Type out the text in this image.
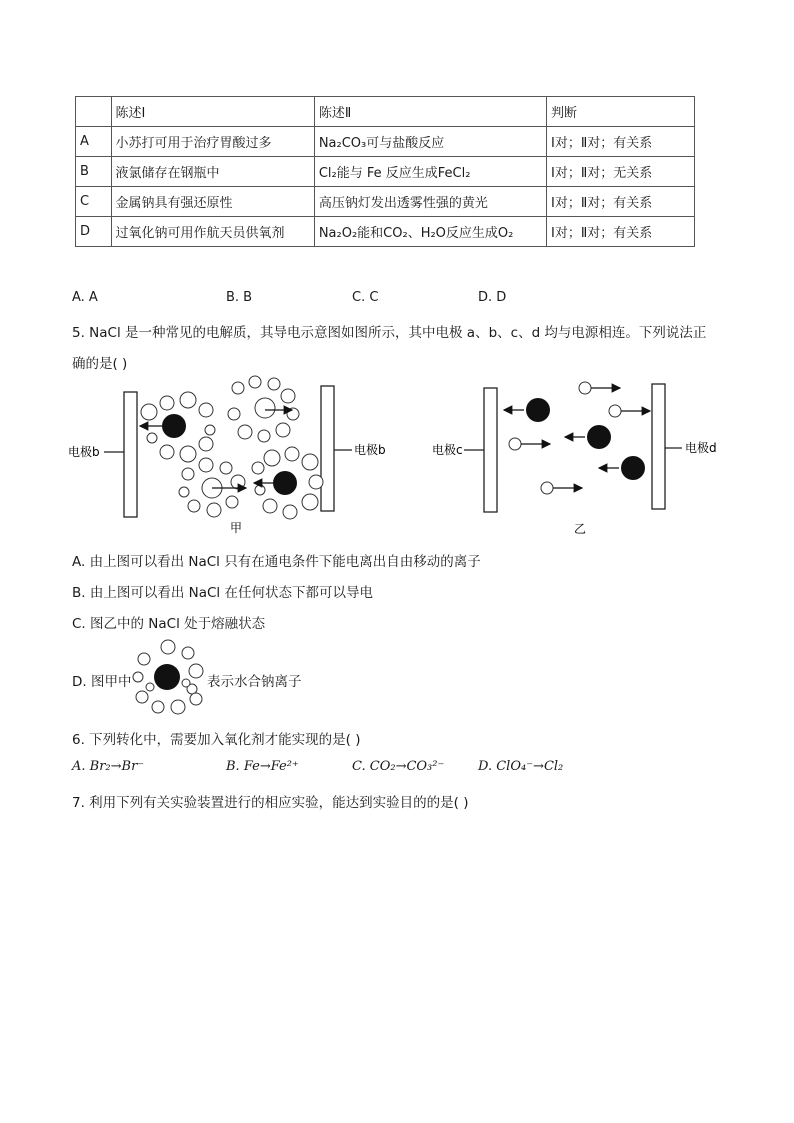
	陈述Ⅰ	陈述Ⅱ	判断
A	小苏打可用于治疗胃酸过多	Na₂CO₃可与盐酸反应	Ⅰ对；Ⅱ对；有关系
B	液氯储存在钢瓶中	Cl₂能与 Fe 反应生成FeCl₂	Ⅰ对；Ⅱ对；无关系
C	金属钠具有强还原性	高压钠灯发出透雾性强的黄光	Ⅰ对；Ⅱ对；有关系
D	过氧化钠可用作航天员供氧剂	Na₂O₂能和CO₂、H₂O反应生成O₂	Ⅰ对；Ⅱ对；有关系
A. A	B. B	C. C	D. D
5. NaCl 是一种常见的电解质，其导电示意图如图所示，其中电极 a、b、c、d 均与电源相连。下列说法正
确的是( )
电极b	电极b
甲
电极c	电极d
乙
A. 由上图可以看出 NaCl 只有在通电条件下能电离出自由移动的离子
B. 由上图可以看出 NaCl 在任何状态下都可以导电
C. 图乙中的 NaCl 处于熔融状态
D. 图甲中	表示水合钠离子
6. 下列转化中，需要加入氧化剂才能实现的是( )
A. Br₂→Br⁻	B. Fe→Fe²⁺	C. CO₂→CO₃²⁻	D. ClO₄⁻→Cl₂
7. 利用下列有关实验装置进行的相应实验，能达到实验目的的是( )
